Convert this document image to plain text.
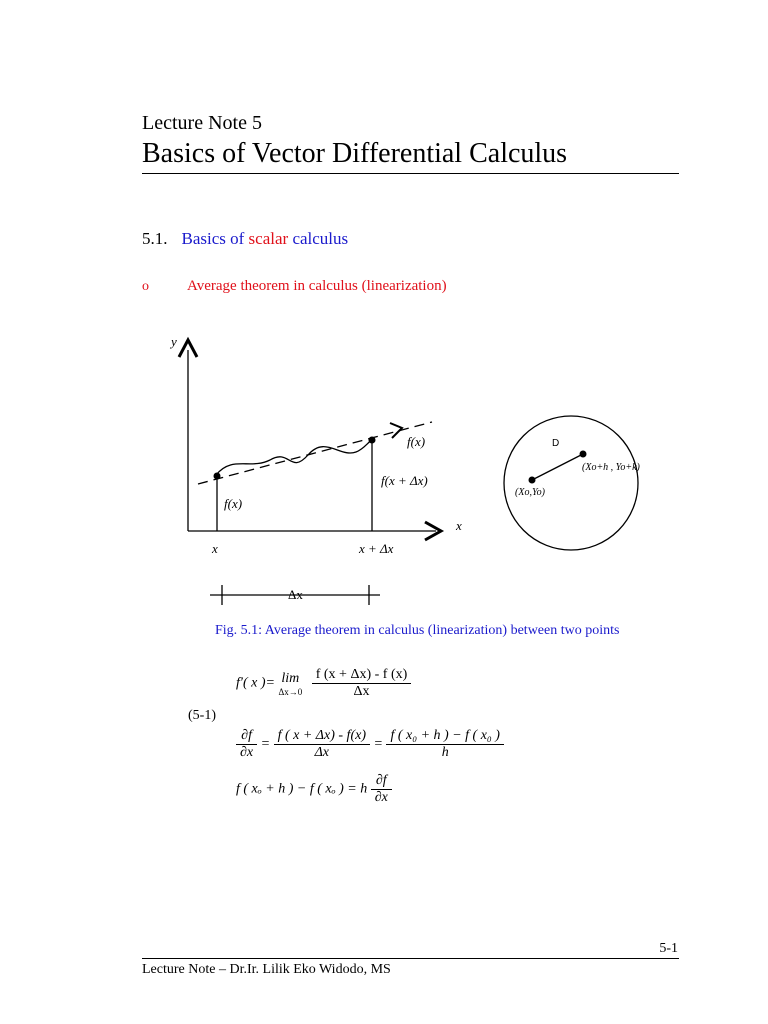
Lecture Note 5
Basics of Vector Differential Calculus
5.1. Basics of scalar calculus
o	Average theorem in calculus (linearization)
y
x
f(x)
f(x + Δx)
f(x)
x	x + Δx
Δx
D
(Xo,Yo)
(Xo+h , Yo+k)
Fig. 5.1: Average theorem in calculus (linearization) between two points
(5-1)
f′( x )= lim
Δx→0
$\frac{f (x + \Delta x) - f (x)}{\Delta x}$
$\frac{\partial f}{\partial x} = \frac{f ( x + \Delta x) - f(x)}{\Delta x} = \frac{\text{f ( x₀ + h ) − f ( x₀ )}}{h}$
f ( xₒ + h ) − f ( xₒ ) = h $\frac{\partial f}{\partial x}$
5-1
Lecture Note – Dr.Ir. Lilik Eko Widodo, MS
